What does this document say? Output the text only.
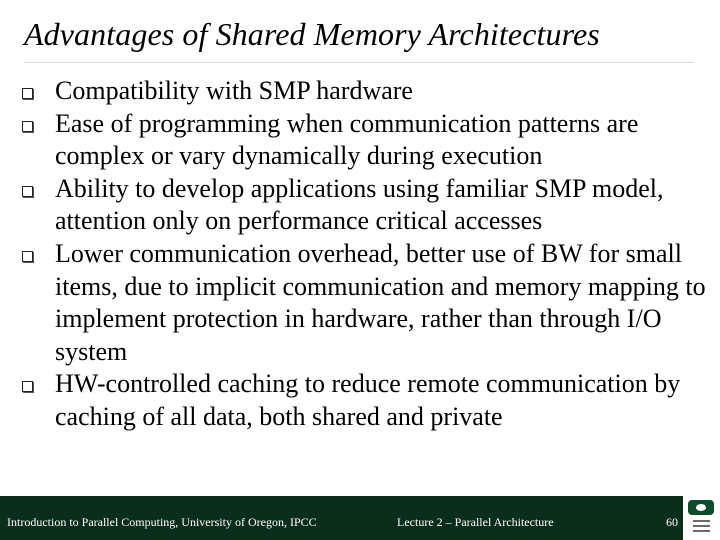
Advantages of Shared Memory Architectures
Compatibility with SMP hardware
Ease of programming when communication patterns are complex or vary dynamically during execution
Ability to develop applications using familiar SMP model, attention only on performance critical accesses
Lower communication overhead, better use of BW for small items, due to implicit communication and memory mapping to implement protection in hardware, rather than through I/O system
HW-controlled caching to reduce remote communication by caching of all data, both shared and private
Introduction to Parallel Computing, University of Oregon, IPCC	Lecture 2 – Parallel Architecture	60
